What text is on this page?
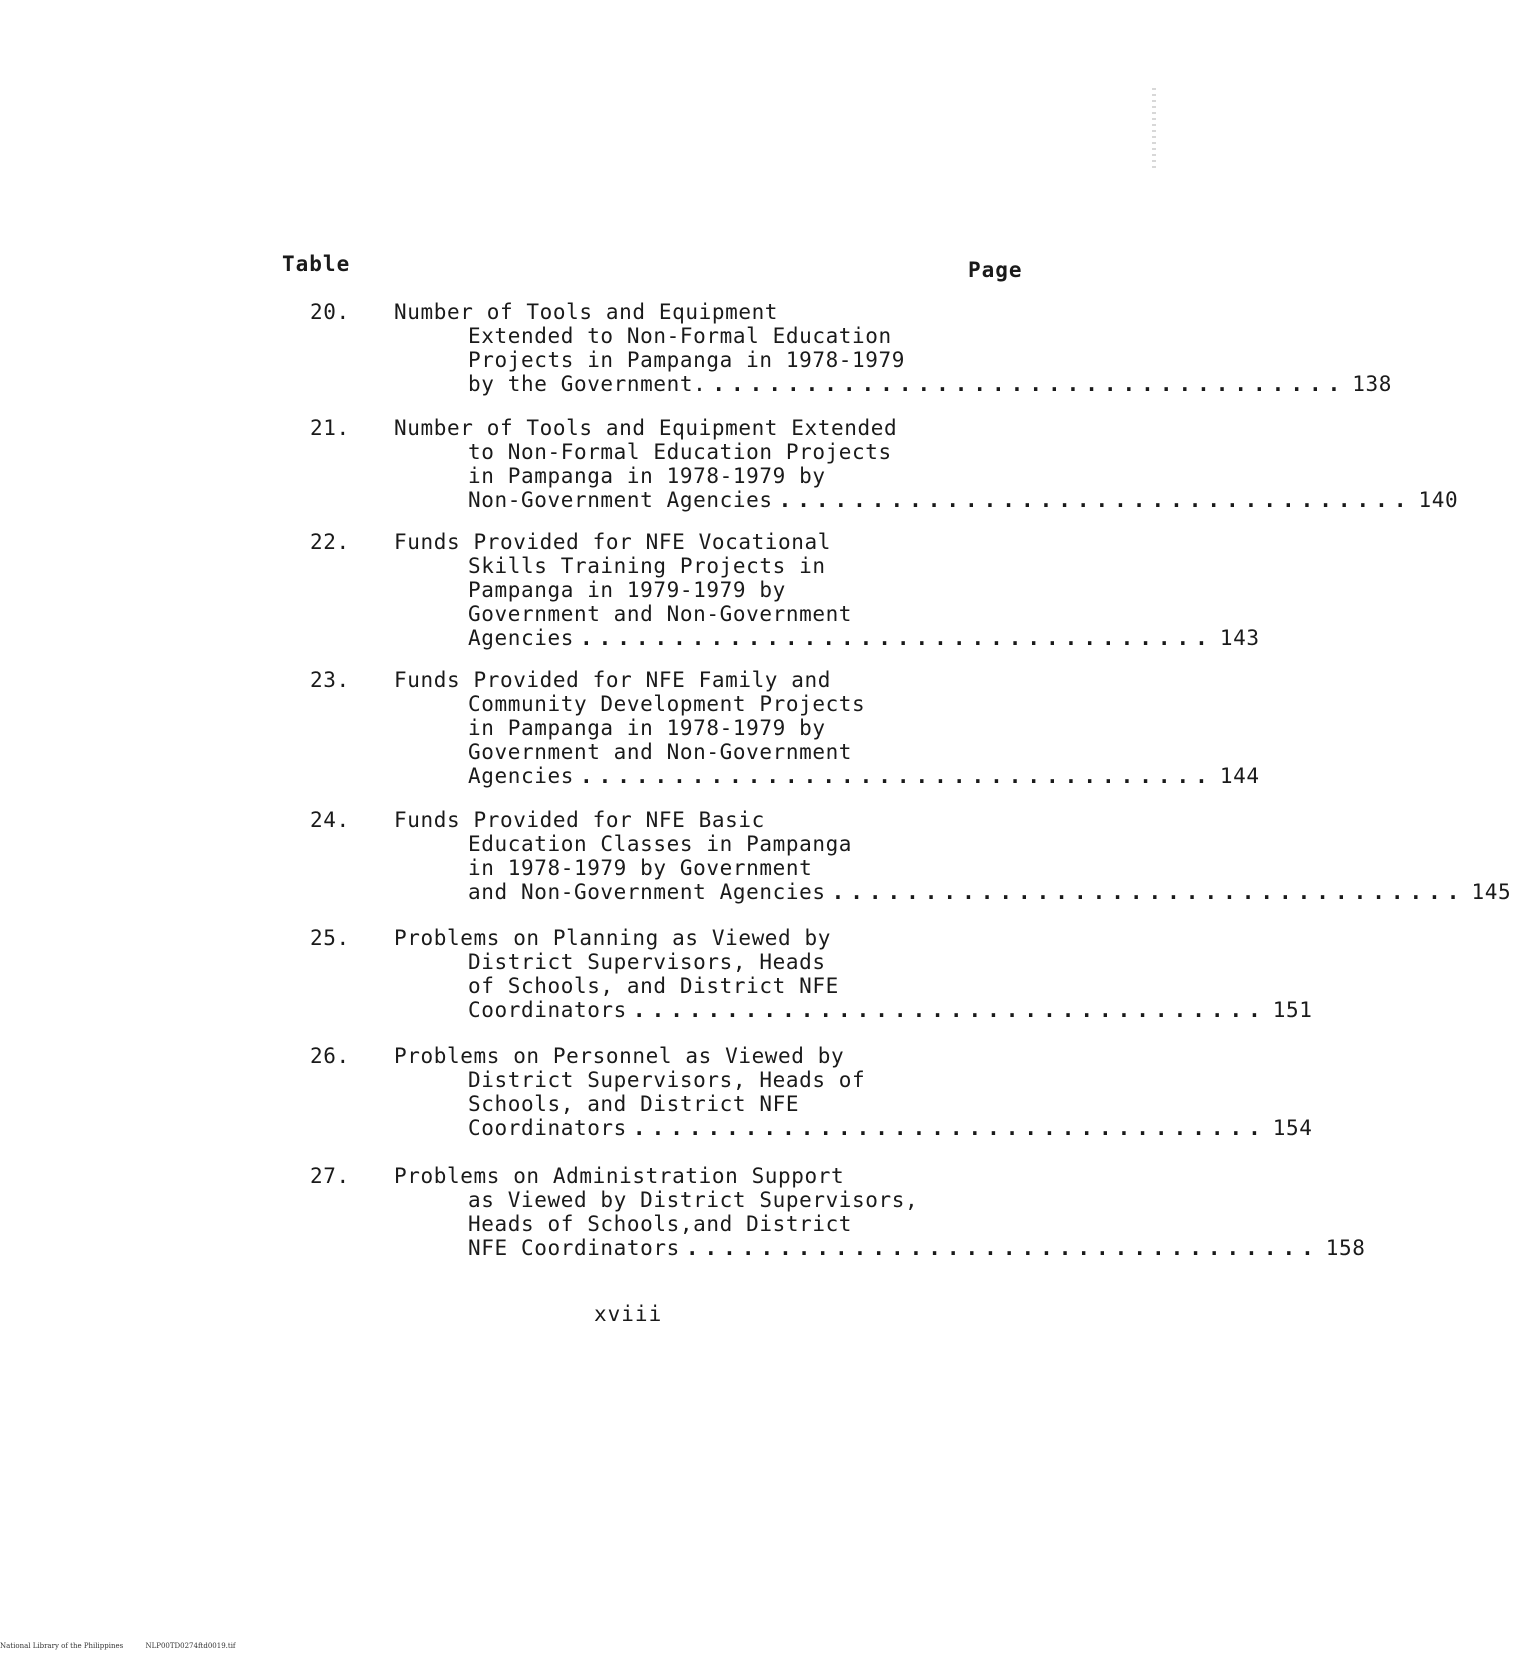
Table	Page
20.	Number of Tools and Equipment
Extended to Non-Formal Education
Projects in Pampanga in 1978-1979
by the Government. .................................. 138
21.	Number of Tools and Equipment Extended
to Non-Formal Education Projects
in Pampanga in 1978-1979 by
Non-Government Agencies .................................. 140
22.	Funds Provided for NFE Vocational
Skills Training Projects in
Pampanga in 1979-1979 by
Government and Non-Government
Agencies .................................. 143
23.	Funds Provided for NFE Family and
Community Development Projects
in Pampanga in 1978-1979 by
Government and Non-Government
Agencies .................................. 144
24.	Funds Provided for NFE Basic
Education Classes in Pampanga
in 1978-1979 by Government
and Non-Government Agencies .................................. 145
25.	Problems on Planning as Viewed by
District Supervisors, Heads
of Schools, and District NFE
Coordinators .................................. 151
26.	Problems on Personnel as Viewed by
District Supervisors, Heads of
Schools, and District NFE
Coordinators .................................. 154
27.	Problems on Administration Support
as Viewed by District Supervisors,
Heads of Schools,and District
NFE Coordinators .................................. 158
xviii
National Library of the Philippines	NLP00TD0274ftd0019.tif
